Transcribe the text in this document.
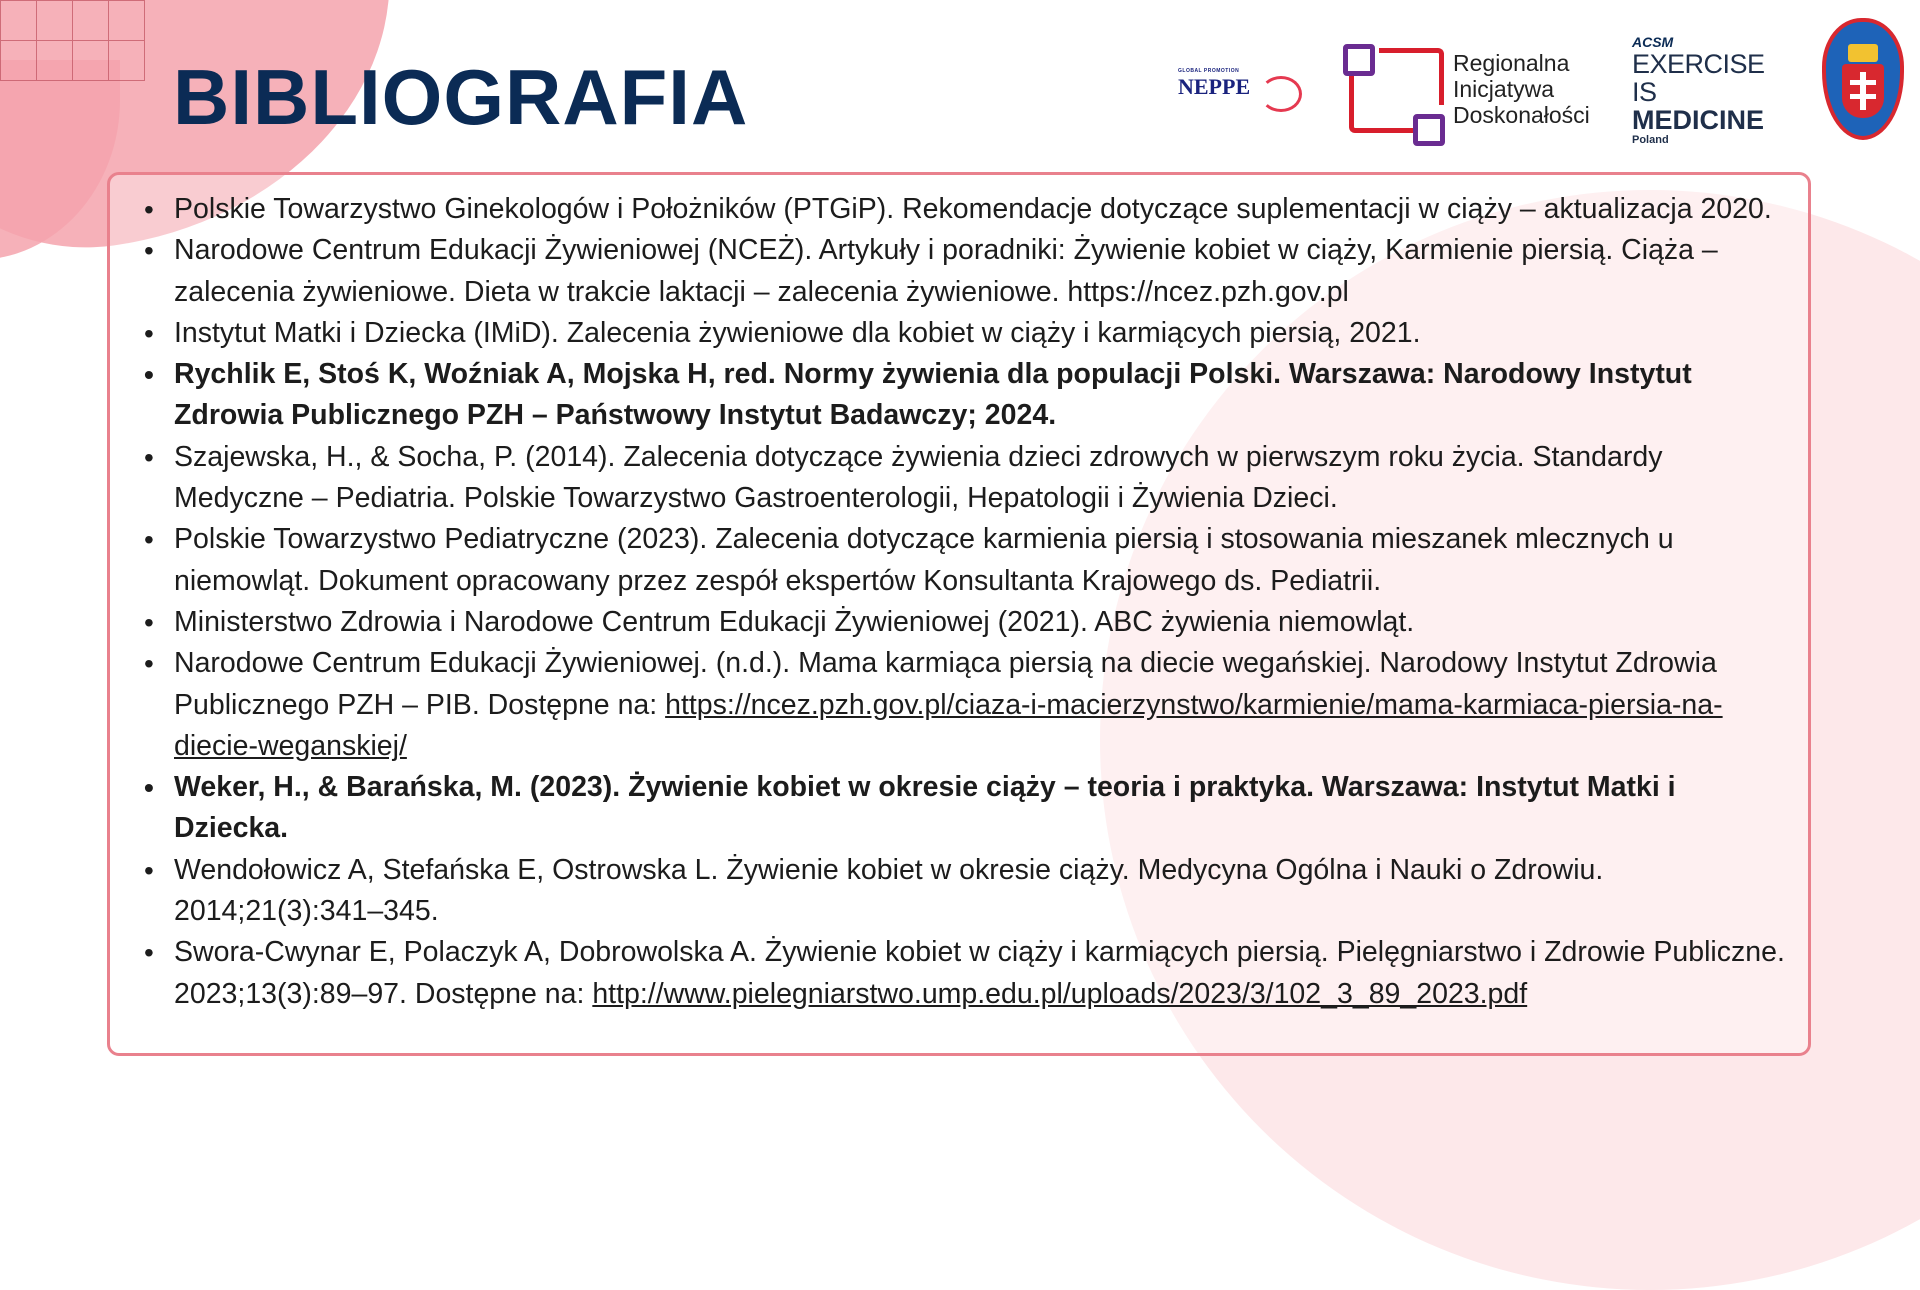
BIBLIOGRAFIA	GLOBAL PROMOTION
NEPPE
Regionalna
Inicjatywa
Doskonałości
ACSM
EXERCISE IS
MEDICINE
Poland
• Polskie Towarzystwo Ginekologów i Położników (PTGiP). Rekomendacje dotyczące suplementacji w ciąży – aktualizacja 2020.
• Narodowe Centrum Edukacji Żywieniowej (NCEŻ). Artykuły i poradniki: Żywienie kobiet w ciąży, Karmienie piersią. Ciąża – zalecenia żywieniowe. Dieta w trakcie laktacji – zalecenia żywieniowe. https://ncez.pzh.gov.pl
• Instytut Matki i Dziecka (IMiD). Zalecenia żywieniowe dla kobiet w ciąży i karmiących piersią, 2021.
• Rychlik E, Stoś K, Woźniak A, Mojska H, red. Normy żywienia dla populacji Polski. Warszawa: Narodowy Instytut Zdrowia Publicznego PZH – Państwowy Instytut Badawczy; 2024.
• Szajewska, H., & Socha, P. (2014). Zalecenia dotyczące żywienia dzieci zdrowych w pierwszym roku życia. Standardy Medyczne – Pediatria. Polskie Towarzystwo Gastroenterologii, Hepatologii i Żywienia Dzieci.
• Polskie Towarzystwo Pediatryczne (2023). Zalecenia dotyczące karmienia piersią i stosowania mieszanek mlecznych u niemowląt. Dokument opracowany przez zespół ekspertów Konsultanta Krajowego ds. Pediatrii.
• Ministerstwo Zdrowia i Narodowe Centrum Edukacji Żywieniowej (2021). ABC żywienia niemowląt.
• Narodowe Centrum Edukacji Żywieniowej. (n.d.). Mama karmiąca piersią na diecie wegańskiej. Narodowy Instytut Zdrowia Publicznego PZH – PIB. Dostępne na: https://ncez.pzh.gov.pl/ciaza-i-macierzynstwo/karmienie/mama-karmiaca-piersia-na-diecie-weganskiej/
• Weker, H., & Barańska, M. (2023). Żywienie kobiet w okresie ciąży – teoria i praktyka. Warszawa: Instytut Matki i Dziecka.
• Wendołowicz A, Stefańska E, Ostrowska L. Żywienie kobiet w okresie ciąży. Medycyna Ogólna i Nauki o Zdrowiu. 2014;21(3):341–345.
• Swora-Cwynar E, Polaczyk A, Dobrowolska A. Żywienie kobiet w ciąży i karmiących piersią. Pielęgniarstwo i Zdrowie Publiczne. 2023;13(3):89–97. Dostępne na: http://www.pielegniarstwo.ump.edu.pl/uploads/2023/3/102_3_89_2023.pdf
